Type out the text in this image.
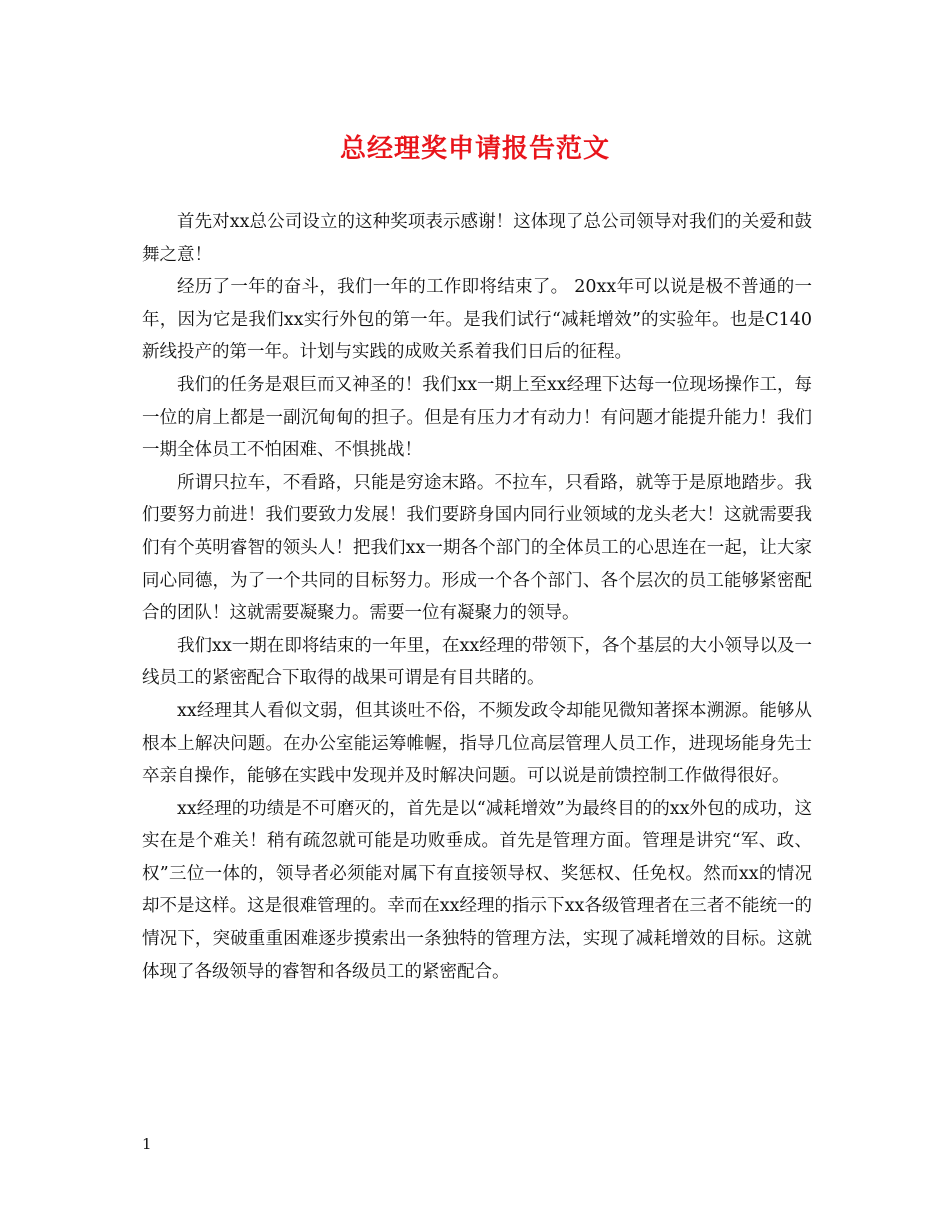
总经理奖申请报告范文

首先对xx总公司设立的这种奖项表示感谢！这体现了总公司领导对我们的关爱和鼓舞之意！

经历了一年的奋斗，我们一年的工作即将结束了。 20xx年可以说是极不普通的一年，因为它是我们xx实行外包的第一年。是我们试行“减耗增效”的实验年。也是C140新线投产的第一年。计划与实践的成败关系着我们日后的征程。

我们的任务是艰巨而又神圣的！我们xx一期上至xx经理下达每一位现场操作工，每一位的肩上都是一副沉甸甸的担子。但是有压力才有动力！有问题才能提升能力！我们一期全体员工不怕困难、不惧挑战！

所谓只拉车，不看路，只能是穷途末路。不拉车，只看路，就等于是原地踏步。我们要努力前进！我们要致力发展！我们要跻身国内同行业领域的龙头老大！这就需要我们有个英明睿智的领头人！把我们xx一期各个部门的全体员工的心思连在一起，让大家同心同德，为了一个共同的目标努力。形成一个各个部门、各个层次的员工能够紧密配合的团队！这就需要凝聚力。需要一位有凝聚力的领导。

我们xx一期在即将结束的一年里，在xx经理的带领下，各个基层的大小领导以及一线员工的紧密配合下取得的战果可谓是有目共睹的。

xx经理其人看似文弱，但其谈吐不俗，不频发政令却能见微知著探本溯源。能够从根本上解决问题。在办公室能运筹帷幄，指导几位高层管理人员工作，进现场能身先士卒亲自操作，能够在实践中发现并及时解决问题。可以说是前馈控制工作做得很好。

xx经理的功绩是不可磨灭的，首先是以“减耗增效”为最终目的的xx外包的成功，这实在是个难关！稍有疏忽就可能是功败垂成。首先是管理方面。管理是讲究“军、政、权”三位一体的，领导者必须能对属下有直接领导权、奖惩权、任免权。然而xx的情况却不是这样。这是很难管理的。幸而在xx经理的指示下xx各级管理者在三者不能统一的情况下，突破重重困难逐步摸索出一条独特的管理方法，实现了减耗增效的目标。这就体现了各级领导的睿智和各级员工的紧密配合。

1
